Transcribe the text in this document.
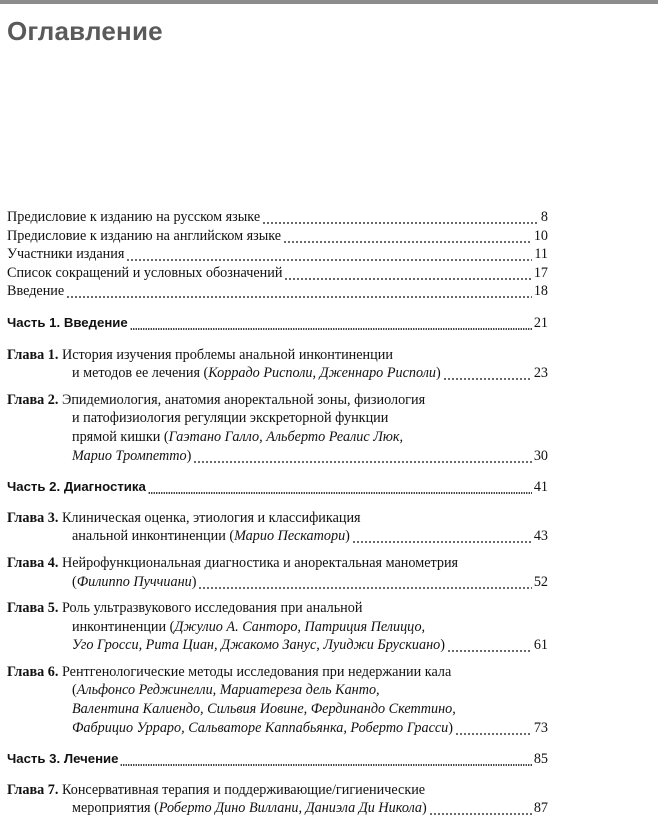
Оглавление
Предисловие к изданию на русском языке	8
Предисловие к изданию на английском языке	10
Участники издания	11
Список сокращений и условных обозначений	17
Введение	18
Часть 1. Введение	21
Глава 1.
История изучения проблемы анальной инконтиненции
и методов ее лечения ( Коррадо Рисполи, Дженнаро Рисполи )	23
Глава 2.
Эпидемиология, анатомия аноректальной зоны, физиология
и патофизиология регуляции экскреторной функции
прямой кишки ( Гаэтано Галло, Альберто Реалис Люк,
Марио Тромпетто )	30
Часть 2. Диагностика	41
Глава 3.
Клиническая оценка, этиология и классификация
анальной инконтиненции ( Марио Пескатори )	43
Глава 4.
Нейрофункциональная диагностика и аноректальная манометрия
( Филиппо Пуччиани )	52
Глава 5.
Роль ультразвукового исследования при анальной
инконтиненции ( Джулио А. Санторо, Патриция Пелиццо,
Уго Гросси, Рита Циан, Джакомо Занус, Луиджи Брускиано )	61
Глава 6.
Рентгенологические методы исследования при недержании кала
( Альфонсо Реджинелли, Мариатереза дель Канто,
Валентина Калиендо, Сильвия Иовине, Фердинандо Скеттино,
Фабрицио Урраро, Сальваторе Каппабьянка, Роберто Грасси )	73
Часть 3. Лечение	85
Глава 7.
Консервативная терапия и поддерживающие/гигиенические
мероприятия ( Роберто Дино Виллани, Даниэла Ди Никола )	87
